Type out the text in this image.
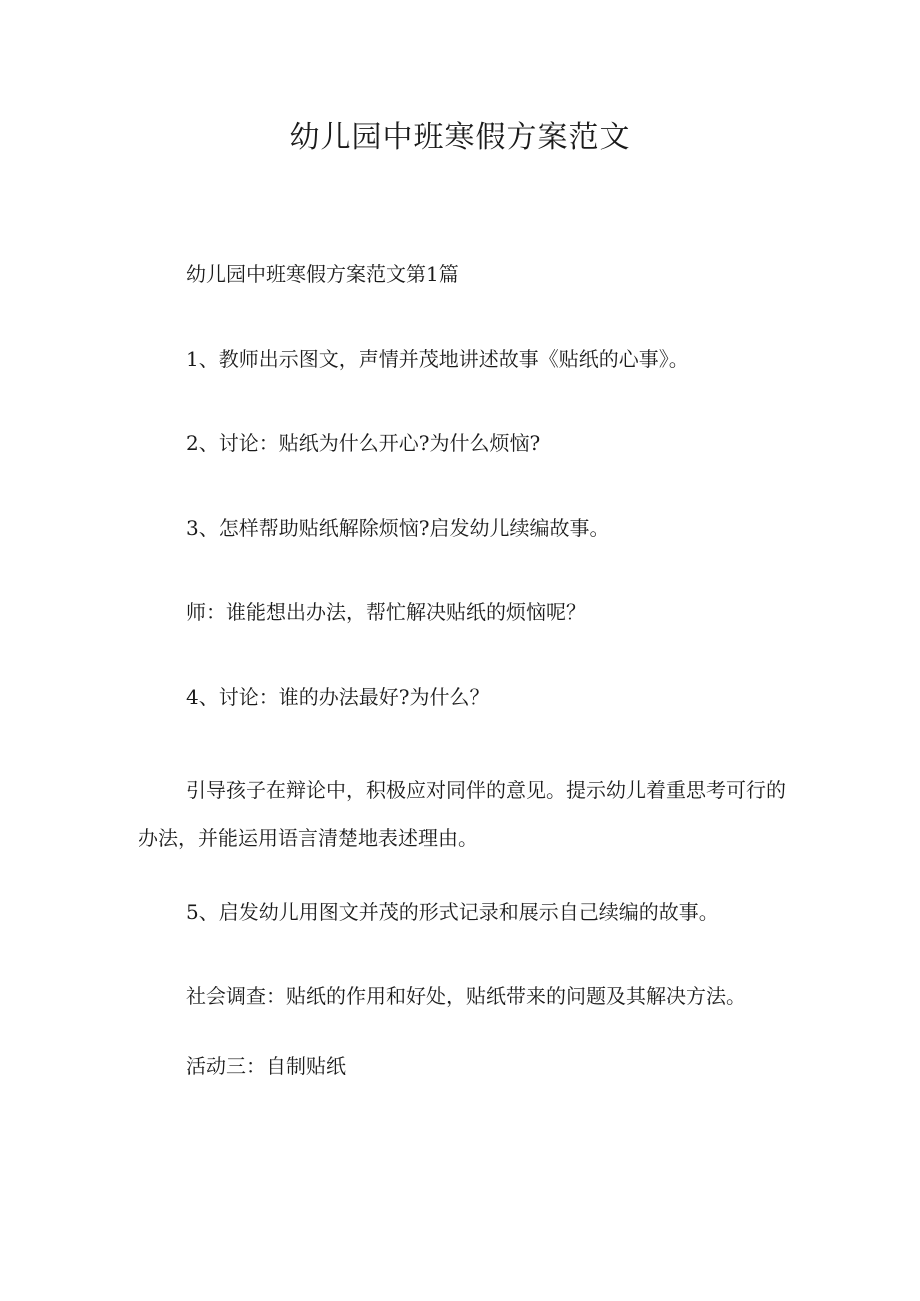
幼儿园中班寒假方案范文

幼儿园中班寒假方案范文第1篇

1、教师出示图文，声情并茂地讲述故事《贴纸的心事》。

2、讨论：贴纸为什么开心?为什么烦恼?

3、怎样帮助贴纸解除烦恼?启发幼儿续编故事。

师：谁能想出办法，帮忙解决贴纸的烦恼呢？

4、讨论：谁的办法最好?为什么？

引导孩子在辩论中，积极应对同伴的意见。提示幼儿着重思考可行的办法，并能运用语言清楚地表述理由。

5、启发幼儿用图文并茂的形式记录和展示自己续编的故事。

社会调查：贴纸的作用和好处，贴纸带来的问题及其解决方法。

活动三：自制贴纸
